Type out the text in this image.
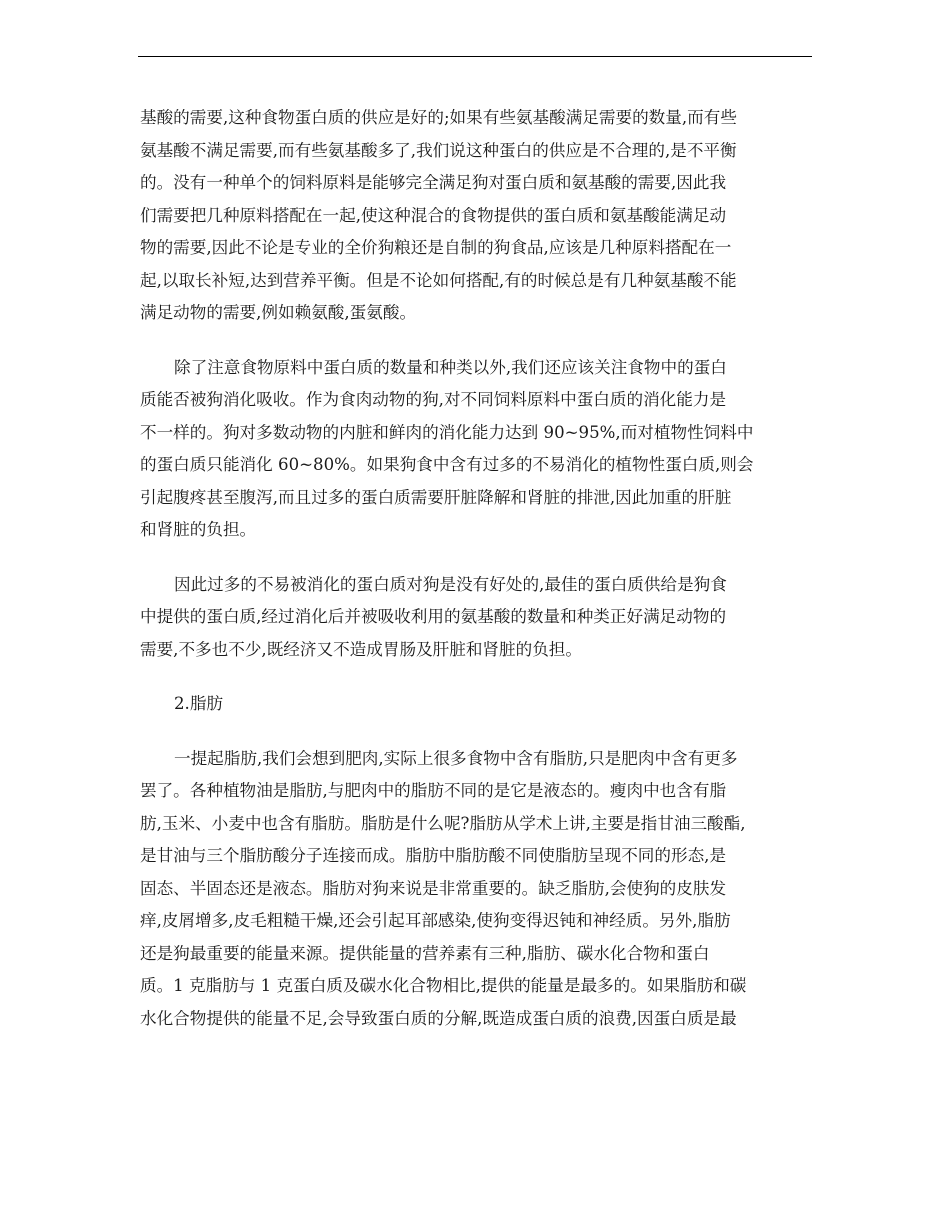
基酸的需要,这种食物蛋白质的供应是好的;如果有些氨基酸满足需要的数量,而有些
氨基酸不满足需要,而有些氨基酸多了,我们说这种蛋白的供应是不合理的,是不平衡
的。没有一种单个的饲料原料是能够完全满足狗对蛋白质和氨基酸的需要,因此我
们需要把几种原料搭配在一起,使这种混合的食物提供的蛋白质和氨基酸能满足动
物的需要,因此不论是专业的全价狗粮还是自制的狗食品,应该是几种原料搭配在一
起,以取长补短,达到营养平衡。但是不论如何搭配,有的时候总是有几种氨基酸不能
满足动物的需要,例如赖氨酸,蛋氨酸。

除了注意食物原料中蛋白质的数量和种类以外,我们还应该关注食物中的蛋白
质能否被狗消化吸收。作为食肉动物的狗,对不同饲料原料中蛋白质的消化能力是
不一样的。狗对多数动物的内脏和鲜肉的消化能力达到 90~95%,而对植物性饲料中
的蛋白质只能消化 60~80%。如果狗食中含有过多的不易消化的植物性蛋白质,则会
引起腹疼甚至腹泻,而且过多的蛋白质需要肝脏降解和肾脏的排泄,因此加重的肝脏
和肾脏的负担。

因此过多的不易被消化的蛋白质对狗是没有好处的,最佳的蛋白质供给是狗食
中提供的蛋白质,经过消化后并被吸收利用的氨基酸的数量和种类正好满足动物的
需要,不多也不少,既经济又不造成胃肠及肝脏和肾脏的负担。

2.脂肪

一提起脂肪,我们会想到肥肉,实际上很多食物中含有脂肪,只是肥肉中含有更多
罢了。各种植物油是脂肪,与肥肉中的脂肪不同的是它是液态的。瘦肉中也含有脂
肪,玉米、小麦中也含有脂肪。脂肪是什么呢?脂肪从学术上讲,主要是指甘油三酸酯,
是甘油与三个脂肪酸分子连接而成。脂肪中脂肪酸不同使脂肪呈现不同的形态,是
固态、半固态还是液态。脂肪对狗来说是非常重要的。缺乏脂肪,会使狗的皮肤发
痒,皮屑增多,皮毛粗糙干燥,还会引起耳部感染,使狗变得迟钝和神经质。另外,脂肪
还是狗最重要的能量来源。提供能量的营养素有三种,脂肪、碳水化合物和蛋白
质。1 克脂肪与 1 克蛋白质及碳水化合物相比,提供的能量是最多的。如果脂肪和碳
水化合物提供的能量不足,会导致蛋白质的分解,既造成蛋白质的浪费,因蛋白质是最
